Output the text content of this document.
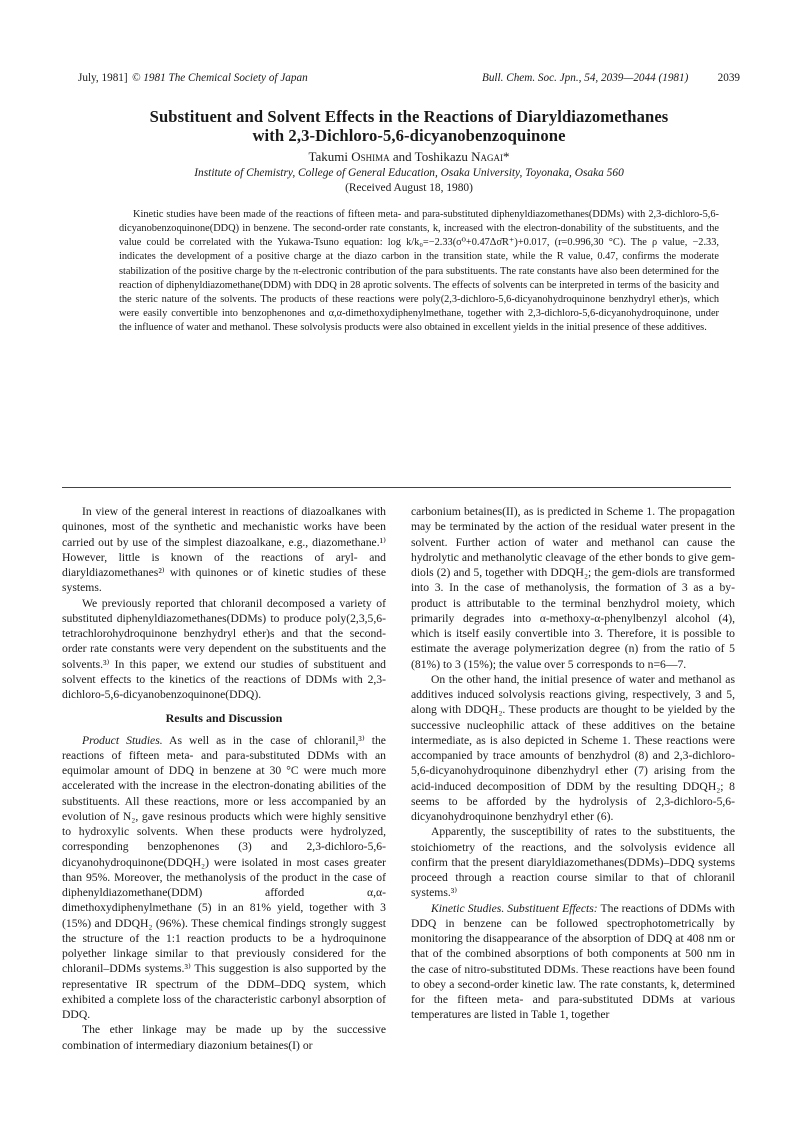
July, 1981] © 1981 The Chemical Society of Japan	Bull. Chem. Soc. Jpn., 54, 2039—2044 (1981)	2039
Substituent and Solvent Effects in the Reactions of Diaryldiazomethanes
with 2,3-Dichloro-5,6-dicyanobenzoquinone
Takumi Oshima and Toshikazu Nagai*
Institute of Chemistry, College of General Education, Osaka University, Toyonaka, Osaka 560
(Received August 18, 1980)

Kinetic studies have been made of the reactions of fifteen meta- and para-substituted diphenyldiazomethanes(DDMs) with 2,3-dichloro-5,6-dicyanobenzoquinone(DDQ) in benzene. The second-order rate constants, k, increased with the electron-donability of the substituents, and the value could be correlated with the Yukawa-Tsuno equation: log k/k₀=−2.33(σ⁰+0.47Δσ̄R⁺)+0.017, (r=0.996,30 °C). The ρ value, −2.33, indicates the development of a positive charge at the diazo carbon in the transition state, while the R value, 0.47, confirms the moderate stabilization of the positive charge by the π-electronic contribution of the para substituents. The rate constants have also been determined for the reaction of diphenyldiazomethane(DDM) with DDQ in 28 aprotic solvents. The effects of solvents can be interpreted in terms of the basicity and the steric nature of the solvents. The products of these reactions were poly(2,3-dichloro-5,6-dicyanohydroquinone benzhydryl ether)s, which were easily convertible into benzophenones and α,α-dimethoxydiphenylmethane, together with 2,3-dichloro-5,6-dicyanohydroquinone, under the influence of water and methanol. These solvolysis products were also obtained in excellent yields in the initial presence of these additives.

In view of the general interest in reactions of diazoalkanes with quinones, most of the synthetic and mechanistic works have been carried out by use of the simplest diazoalkane, e.g., diazomethane.¹⁾ However, little is known of the reactions of aryl- and diaryldiazomethanes²⁾ with quinones or of kinetic studies of these systems.

We previously reported that chloranil decomposed a variety of substituted diphenyldiazomethanes(DDMs) to produce poly(2,3,5,6-tetrachlorohydroquinone benzhydryl ether)s and that the second-order rate constants were very dependent on the substituents and the solvents.³⁾ In this paper, we extend our studies of substituent and solvent effects to the kinetics of the reactions of DDMs with 2,3-dichloro-5,6-dicyanobenzoquinone(DDQ).

Results and Discussion

Product Studies. As well as in the case of chloranil,³⁾ the reactions of fifteen meta- and para-substituted DDMs with an equimolar amount of DDQ in benzene at 30 °C were much more accelerated with the increase in the electron-donating abilities of the substituents. All these reactions, more or less accompanied by an evolution of N₂, gave resinous products which were highly sensitive to hydroxylic solvents. When these products were hydrolyzed, corresponding benzophenones (3) and 2,3-dichloro-5,6-dicyanohydroquinone(DDQH₂) were isolated in most cases greater than 95%. Moreover, the methanolysis of the product in the case of diphenyldiazomethane(DDM) afforded α,α-dimethoxydiphenylmethane (5) in an 81% yield, together with 3 (15%) and DDQH₂ (96%). These chemical findings strongly suggest the structure of the 1:1 reaction products to be a hydroquinone polyether linkage similar to that previously considered for the chloranil–DDMs systems.³⁾ This suggestion is also supported by the representative IR spectrum of the DDM–DDQ system, which exhibited a complete loss of the characteristic carbonyl absorption of DDQ.

The ether linkage may be made up by the successive combination of intermediary diazonium betaines(I) or

carbonium betaines(II), as is predicted in Scheme 1. The propagation may be terminated by the action of the residual water present in the solvent. Further action of water and methanol can cause the hydrolytic and methanolytic cleavage of the ether bonds to give gem-diols (2) and 5, together with DDQH₂; the gem-diols are transformed into 3. In the case of methanolysis, the formation of 3 as a by-product is attributable to the terminal benzhydrol moiety, which primarily degrades into α-methoxy-α-phenylbenzyl alcohol (4), which is itself easily convertible into 3. Therefore, it is possible to estimate the average polymerization degree (n) from the ratio of 5 (81%) to 3 (15%); the value over 5 corresponds to n=6—7.

On the other hand, the initial presence of water and methanol as additives induced solvolysis reactions giving, respectively, 3 and 5, along with DDQH₂. These products are thought to be yielded by the successive nucleophilic attack of these additives on the betaine intermediate, as is also depicted in Scheme 1. These reactions were accompanied by trace amounts of benzhydrol (8) and 2,3-dichloro-5,6-dicyanohydroquinone dibenzhydryl ether (7) arising from the acid-induced decomposition of DDM by the resulting DDQH₂; 8 seems to be afforded by the hydrolysis of 2,3-dichloro-5,6-dicyanohydroquinone benzhydryl ether (6).

Apparently, the susceptibility of rates to the substituents, the stoichiometry of the reactions, and the solvolysis evidence all confirm that the present diaryldiazomethanes(DDMs)–DDQ systems proceed through a reaction course similar to that of chloranil systems.³⁾

Kinetic Studies. Substituent Effects: The reactions of DDMs with DDQ in benzene can be followed spectrophotometrically by monitoring the disappearance of the absorption of DDQ at 408 nm or that of the combined absorptions of both components at 500 nm in the case of nitro-substituted DDMs. These reactions have been found to obey a second-order kinetic law. The rate constants, k, determined for the fifteen meta- and para-substituted DDMs at various temperatures are listed in Table 1, together
